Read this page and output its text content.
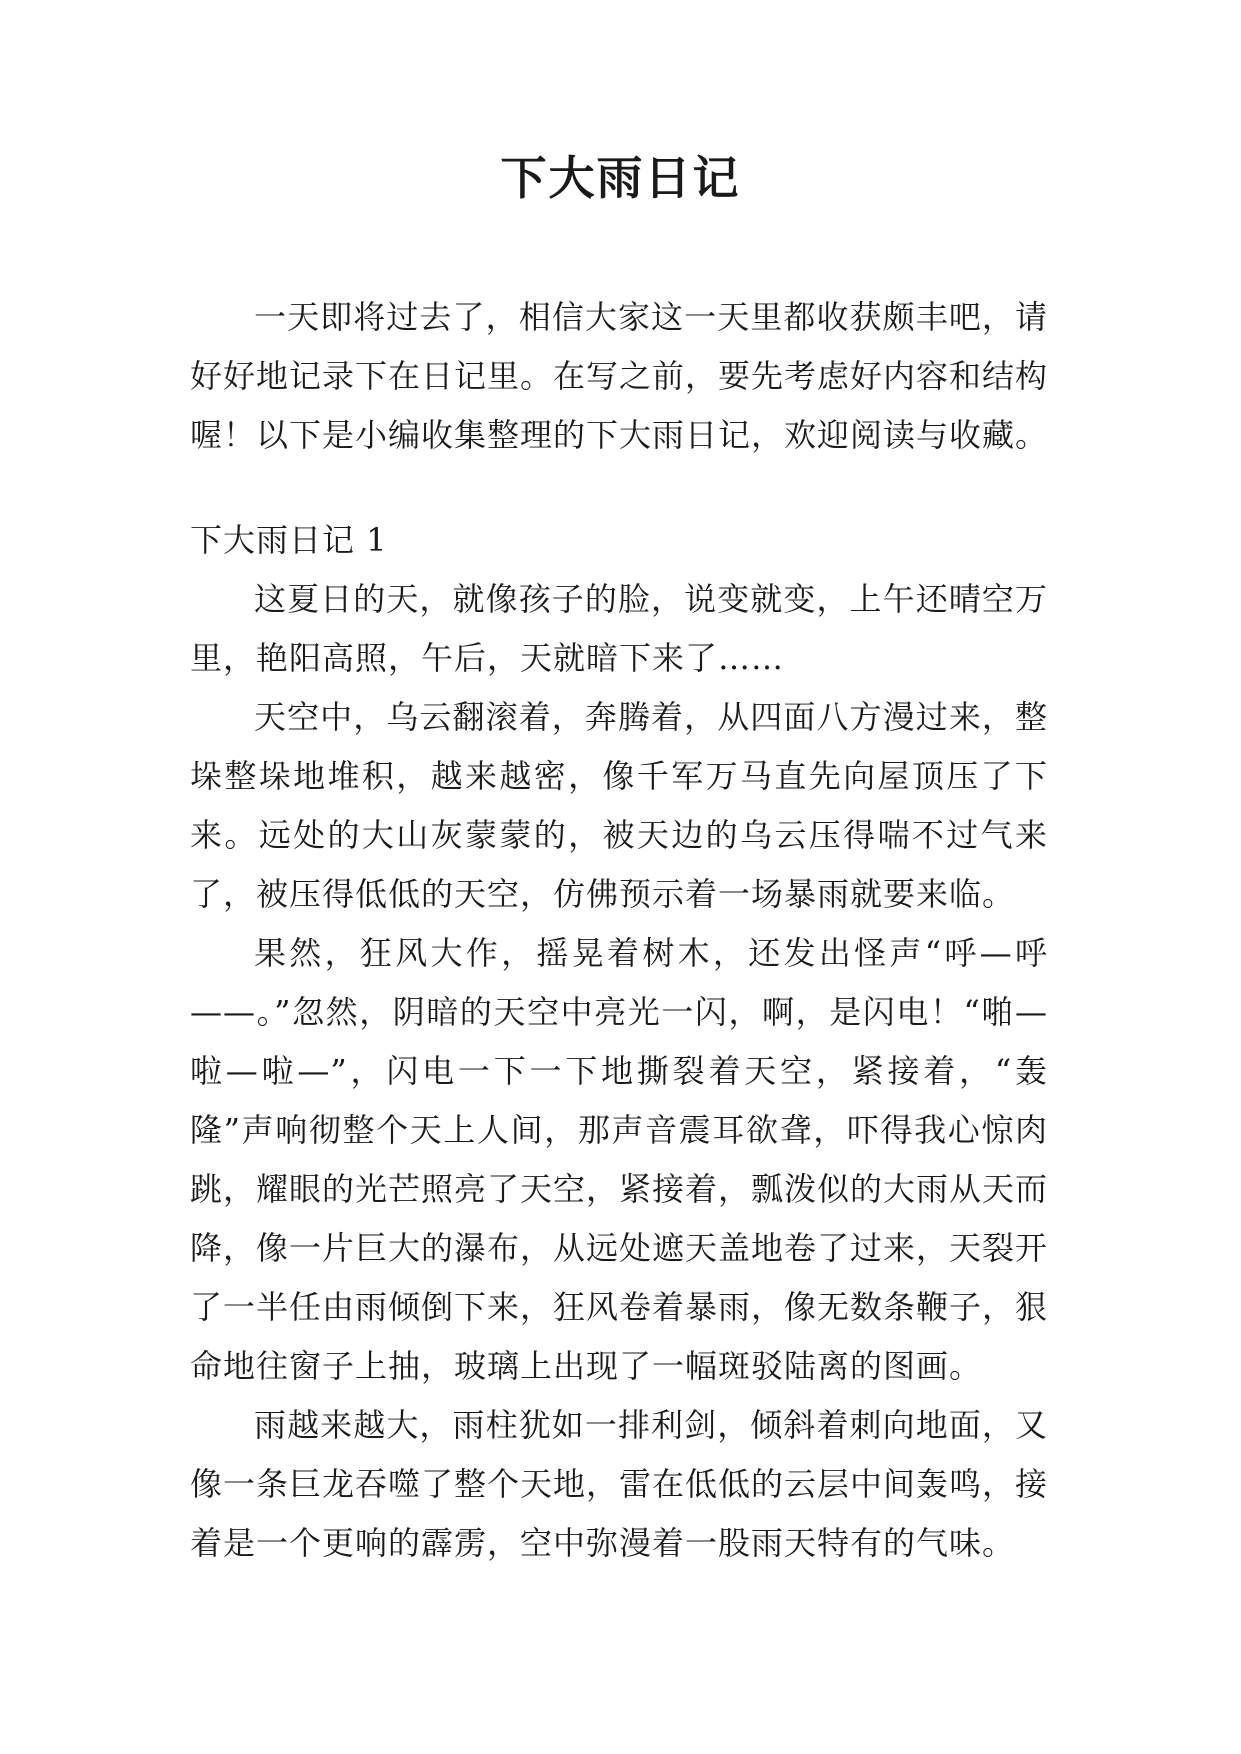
下大雨日记

一天即将过去了，相信大家这一天里都收获颇丰吧，请好好地记录下在日记里。在写之前，要先考虑好内容和结构喔！以下是小编收集整理的下大雨日记，欢迎阅读与收藏。

下大雨日记 1

这夏日的天，就像孩子的脸，说变就变，上午还晴空万里，艳阳高照，午后，天就暗下来了……

天空中，乌云翻滚着，奔腾着，从四面八方漫过来，整垛整垛地堆积，越来越密，像千军万马直先向屋顶压了下来。远处的大山灰蒙蒙的，被天边的乌云压得喘不过气来了，被压得低低的天空，仿佛预示着一场暴雨就要来临。

果然，狂风大作，摇晃着树木，还发出怪声“呼—呼——。”忽然，阴暗的天空中亮光一闪，啊，是闪电！“啪—啦—啦—”，闪电一下一下地撕裂着天空，紧接着，“轰隆”声响彻整个天上人间，那声音震耳欲聋，吓得我心惊肉跳，耀眼的光芒照亮了天空，紧接着，瓢泼似的大雨从天而降，像一片巨大的瀑布，从远处遮天盖地卷了过来，天裂开了一半任由雨倾倒下来，狂风卷着暴雨，像无数条鞭子，狠命地往窗子上抽，玻璃上出现了一幅斑驳陆离的图画。

雨越来越大，雨柱犹如一排利剑，倾斜着刺向地面，又像一条巨龙吞噬了整个天地，雷在低低的云层中间轰鸣，接着是一个更响的霹雳，空中弥漫着一股雨天特有的气味。
